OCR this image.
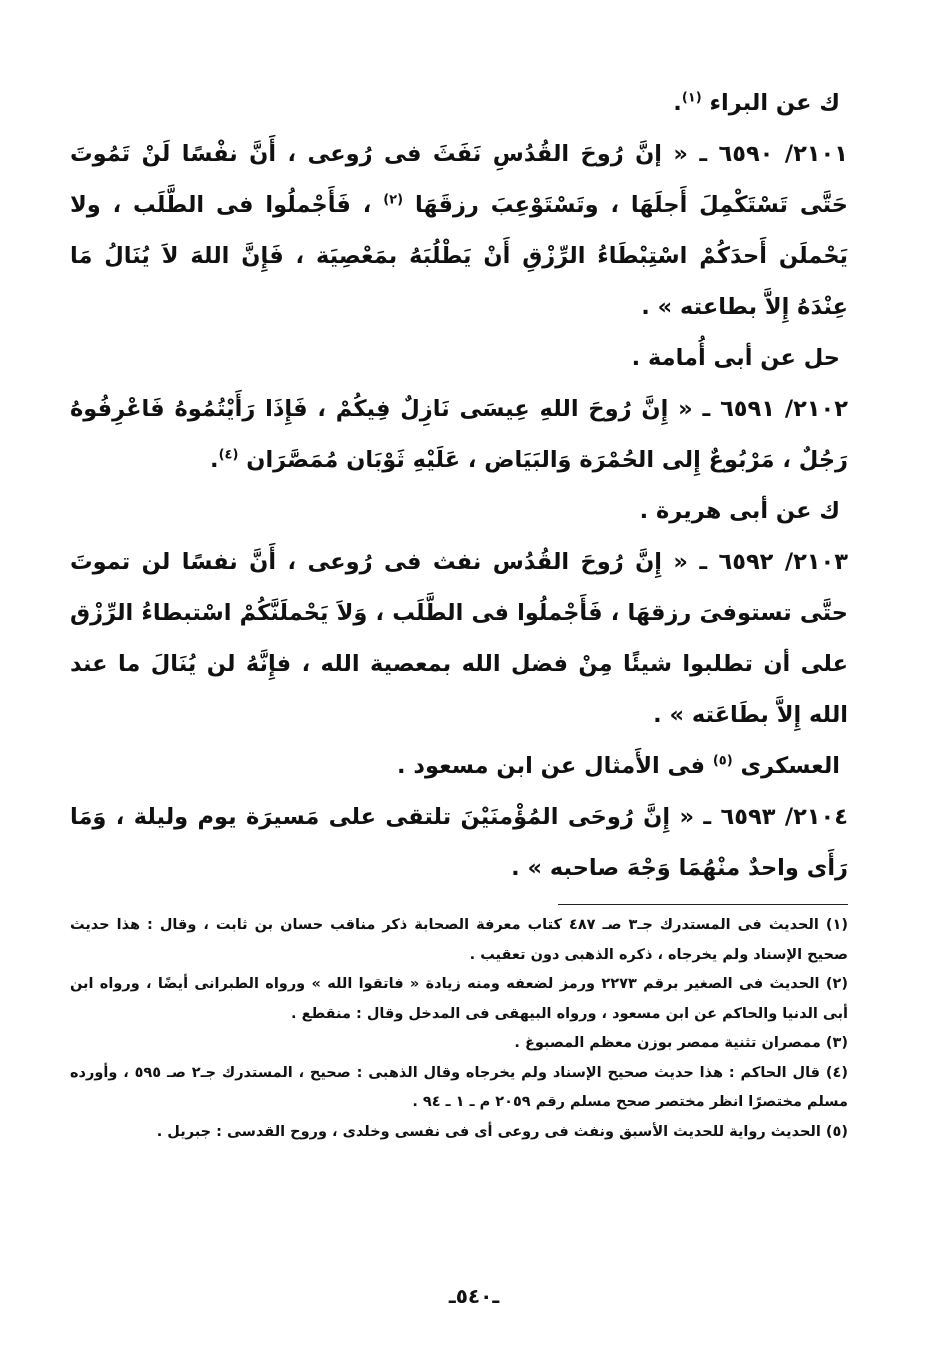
ك عن البراء $^{(١)}$.

٢١٠١/ ٦٥٩٠ ـ « إنَّ رُوحَ القُدُسِ نَفَثَ فى رُوعى ، أَنَّ نفْسًا لَنْ تَمُوتَ حَتَّى تَسْتَكْمِلَ أَجلَهَا ، وتَسْتَوْعِبَ رزقَهَا $^{(٢)}$ ، فَأَجْملُوا فى الطَّلَب ، ولا يَحْملَن أَحدَكُمْ اسْتِبْطَاءُ الرِّزْقِ أَنْ يَطْلُبَهُ بمَعْصِيَة ، فَإِنَّ اللهَ لاَ يُنَالُ مَا عِنْدَهُ إِلاَّ بطاعته » .

حل عن أبى أُمامة .

٢١٠٢/ ٦٥٩١ ـ « إِنَّ رُوحَ اللهِ عِيسَى نَازِلٌ فِيكُمْ ، فَإِذَا رَأَيْتُمُوهُ فَاعْرِفُوهُ رَجُلٌ ، مَرْبُوعٌ إِلى الحُمْرَة وَالبَيَاض ، عَلَيْهِ ثَوْبَان مُمَصَّرَان $^{(٤)}$.

ك عن أبى هريرة .

٢١٠٣/ ٦٥٩٢ ـ « إِنَّ رُوحَ القُدُس نفث فى رُوعى ، أَنَّ نفسًا لن تموتَ حتَّى تستوفىَ رزقهَا ، فَأَجْملُوا فى الطَّلَب ، وَلاَ يَحْملَنَّكُمْ اسْتبطاءُ الرِّزْق على أن تطلبوا شيئًا مِنْ فضل الله بمعصية الله ، فإِنَّهُ لن يُنَالَ ما عند الله إِلاَّ بطَاعَته » .

العسكرى $^{(٥)}$ فى الأَمثال عن ابن مسعود .

٢١٠٤/ ٦٥٩٣ ـ « إِنَّ رُوحَى المُؤْمنَيْنَ تلتقى على مَسيرَة يوم وليلة ، وَمَا رَأَى واحدٌ منْهُمَا وَجْهَ صاحبه » .

(١) الحديث فى المستدرك جـ٣ صـ ٤٨٧ كتاب معرفة الصحابة ذكر مناقب حسان بن ثابت ، وقال : هذا حديث صحيح الإسناد ولم يخرجاه ، ذكره الذهبى دون تعقيب .

(٢) الحديث فى الصغير برقم ٢٢٧٣ ورمز لضعفه ومنه زيادة « فاتقوا الله » ورواه الطبرانى أيضًا ، ورواه ابن أبى الدنيا والحاكم عن ابن مسعود ، ورواه البيهقى فى المدخل وقال : منقطع .

(٣) ممصران تثنية ممصر بوزن معظم المصبوغ .

(٤) قال الحاكم : هذا حديث صحيح الإسناد ولم يخرجاه وقال الذهبى : صحيح ، المستدرك جـ٢ صـ ٥٩٥ ، وأورده مسلم مختصرًا انظر مختصر صحح مسلم رقم ٢٠٥٩ م ـ ١ ـ ٩٤ .

(٥) الحديث رواية للحديث الأسبق ونفث فى روعى أى فى نفسى وخلدى ، وروح القدسى : جبريل .

ـ٥٤٠ـ
